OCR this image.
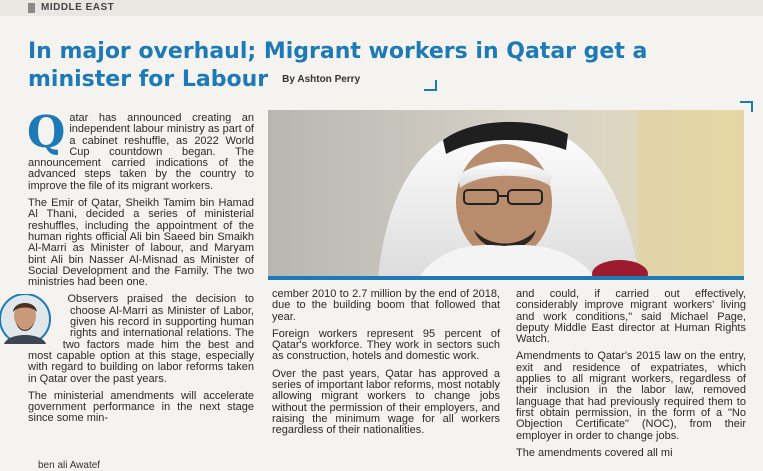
MIDDLE EAST
In major overhaul; Migrant workers in Qatar get a minister for Labour By Ashton Perry
Q atar has announced creating an independent labour ministry as part of a cabinet reshuffle, as 2022 World Cup countdown began. The announcement carried indications of the advanced steps taken by the country to improve the file of its migrant workers.

The Emir of Qatar, Sheikh Tamim bin Hamad Al Thani, decided a series of ministerial reshuffles, including the appointment of the human rights official Ali bin Saeed bin Smaikh Al-Marri as Minister of labour, and Maryam bint Ali bin Nasser Al-Misnad as Minister of Social Development and the Family. The two ministries had been one.

Observers praised the decision to choose Al-Marri as Minister of Labor, given his record in supporting human rights and international relations. The two factors made him the best and most capable option at this stage, especially with regard to building on labor reforms taken in Qatar over the past years.

The ministerial amendments will accelerate government performance in the next stage since some min-

ben ali Awatef

cember 2010 to 2.7 million by the end of 2018, due to the building boom that followed that year.

Foreign workers represent 95 percent of Qatar's workforce. They work in sectors such as construction, hotels and domestic work.

Over the past years, Qatar has approved a series of important labor reforms, most notably allowing migrant workers to change jobs without the permission of their employers, and raising the minimum wage for all workers regardless of their nationalities.

and could, if carried out effectively, considerably improve migrant workers' living and work conditions," said Michael Page, deputy Middle East director at Human Rights Watch.

Amendments to Qatar's 2015 law on the entry, exit and residence of expatriates, which applies to all migrant workers, regardless of their inclusion in the labor law, removed language that had previously required them to first obtain permission, in the form of a "No Objection Certificate" (NOC), from their employer in order to change jobs.

The amendments covered all mi
